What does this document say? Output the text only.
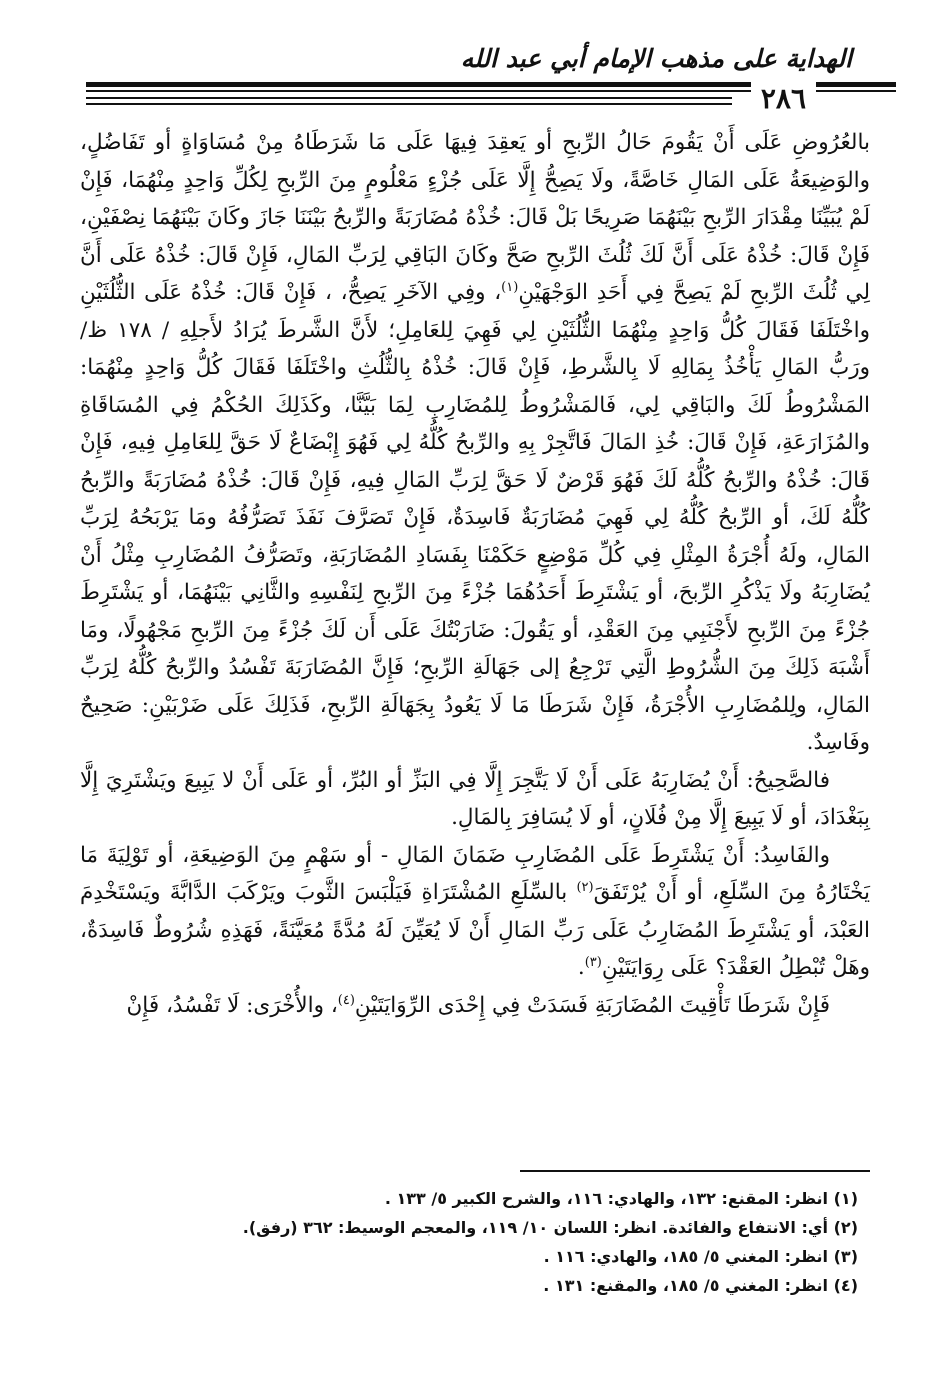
الهداية على مذهب الإمام أبي عبد الله
٢٨٦

بالعُرُوضِ عَلَى أَنْ يَقُومَ حَالُ الرِّبحِ أو يَعقِدَ فِيهَا عَلَى مَا شَرَطَاهُ مِنْ مُسَاوَاةٍ أو تَفَاضُلٍ، والوَضِيعَةُ عَلَى المَالِ خَاصَّةً، ولَا يَصِحُّ إِلَّا عَلَى جُزْءٍ مَعْلُومٍ مِنَ الرِّبحِ لِكُلِّ وَاحِدٍ مِنْهُمَا، فَإِنْ لَمْ يُبَيِّنَا مِقْدَارَ الرِّبحِ بَيْنَهُمَا صَرِيحًا بَلْ قَالَ: خُذْهُ مُضَارَبَةً والرِّبحُ بَيْنَنَا جَازَ وكَانَ بَيْنَهُمَا نِصْفَيْنِ، فَإِنْ قَالَ: خُذْهُ عَلَى أَنَّ لَكَ ثُلُثَ الرِّبحِ صَحَّ وكَانَ البَاقِي لِرَبِّ المَالِ، فَإِنْ قَالَ: خُذْهُ عَلَى أَنَّ لِي ثُلُثَ الرِّبحِ لَمْ يَصِحَّ فِي أَحَدِ الوَجْهَيْنِ$^{(١)}$، وفِي الآخَرِ يَصِحُّ، ، فَإِنْ قَالَ: خُذْهُ عَلَى الثُّلُثَيْنِ واخْتَلَفَا فَقَالَ كُلُّ وَاحِدٍ مِنْهُمَا الثُّلُثَيْنِ لِي فَهِيَ لِلعَامِلِ؛ لأَنَّ الشَّرطَ يُرَادُ لأَجلِهِ / ١٧٨ ظ/ ورَبُّ المَالِ يَأْخُذُ بِمَالِهِ لَا بِالشَّرطِ، فَإِنْ قَالَ: خُذْهُ بِالثُّلُثِ واخْتَلَفَا فَقَالَ كُلُّ وَاحِدٍ مِنْهُمَا: المَشْرُوطُ لَكَ والبَاقِي لِي، فَالمَشْرُوطُ لِلمُضَارِبِ لِمَا بَيَّنَّا، وكَذَلِكَ الحُكْمُ فِي المُسَاقَاةِ والمُزَارَعَةِ، فَإِنْ قَالَ: خُذِ المَالَ فَاتَّجِرْ بِهِ والرِّبحُ كُلُّهُ لِي فَهُوَ إِبْضَاعٌ لَا حَقَّ لِلعَامِلِ فِيهِ، فَإِنْ قَالَ: خُذْهُ والرِّبحُ كُلُّهُ لَكَ فَهُوَ قَرْضٌ لَا حَقَّ لِرَبِّ المَالِ فِيهِ، فَإِنْ قَالَ: خُذْهُ مُضَارَبَةً والرِّبحُ كُلُّهُ لَكَ، أو الرِّبحُ كُلُّهُ لِي فَهِيَ مُضَارَبَةٌ فَاسِدَةٌ، فَإِنْ تَصَرَّفَ نَفَذَ تَصَرُّفُهُ ومَا يَرْبَحُهُ لِرَبِّ المَالِ، ولَهُ أُجْرَةُ المِثْلِ فِي كُلِّ مَوْضِعٍ حَكَمْنَا بِفَسَادِ المُضَارَبَةِ، وتَصَرُّفُ المُضَارِبِ مِثْلُ أَنْ يُضَارِبَهُ ولَا يَذْكُرِ الرِّبحَ، أو يَشْتَرِطَ أَحَدُهُمَا جُزْءً مِنَ الرِّبحِ لِنَفْسِهِ والثَّانِي بَيْنَهُمَا، أو يَشْتَرِطَ جُزْءً مِنَ الرِّبحِ لأَجْنَبِي مِنَ العَقْدِ، أو يَقُولَ: ضَارَبْتُكَ عَلَى أَن لَكَ جُزْءً مِنَ الرِّبحِ مَجْهُولًا، ومَا أَشْبَهَ ذَلِكَ مِنَ الشُّرُوطِ الَّتِي تَرْجِعُ إلى جَهَالَةِ الرِّبحِ؛ فَإِنَّ المُضَارَبَةَ تَفْسُدُ والرِّبحُ كُلُّهُ لِرَبِّ المَالِ، ولِلمُضَارِبِ الأُجْرَةُ، فَإِنْ شَرَطَا مَا لَا يَعُودُ بِجَهَالَةِ الرِّبحِ، فَذَلِكَ عَلَى ضَرْبَيْنِ: صَحِيحٌ وفَاسِدٌ.

فالصَّحِيحُ: أَنْ يُضَارِبَهُ عَلَى أَنْ لَا يَتَّجِرَ إِلَّا فِي البَزِّ أو البُرِّ، أو عَلَى أَنْ لا يَبِيعَ ويَشْتَرِيَ إِلَّا بِبَغْدَادَ، أو لَا يَبِيعَ إِلَّا مِنْ فُلَانٍ، أو لَا يُسَافِرَ بِالمَالِ.

والفَاسِدُ: أَنْ يَشْتَرِطَ عَلَى المُضَارِبِ ضَمَانَ المَالِ - أو سَهْمٍ مِنَ الوَضِيعَةِ، أو تَوْلِيَةَ مَا يَخْتَارُهُ مِنَ السِّلَعِ، أو أَنْ يُرْتَفَقَ$^{(٢)}$ بالسِّلَعِ المُشْتَرَاةِ فَيَلْبَسَ الثَّوبَ ويَرْكَبَ الدَّابَّةَ ويَسْتَخْدِمَ العَبْدَ، أو يَشْتَرِطَ المُضَارِبُ عَلَى رَبِّ المَالِ أَنْ لَا يُعَيِّنَ لَهُ مُدَّةً مُعَيَّنَةً، فَهَذِهِ شُرُوطٌ فَاسِدَةٌ، وهَلْ تُبْطِلُ العَقْدَ؟ عَلَى رِوَايَتَيْنِ$^{(٣)}$.

فَإِنْ شَرَطَا تَأْقِيتَ المُضَارَبَةِ فَسَدَتْ فِي إِحْدَى الرِّوَايَتَيْنِ$^{(٤)}$، والأُخْرَى: لَا تَفْسُدُ، فَإِنْ

(١) انظر: المقنع: ١٣٢، والهادي: ١١٦، والشرح الكبير ٥/ ١٣٣ .
(٢) أي: الانتفاع والفائدة. انظر: اللسان ١٠/ ١١٩، والمعجم الوسيط: ٣٦٢ (رفق).
(٣) انظر: المغني ٥/ ١٨٥، والهادي: ١١٦ .
(٤) انظر: المغني ٥/ ١٨٥، والمقنع: ١٣١ .
